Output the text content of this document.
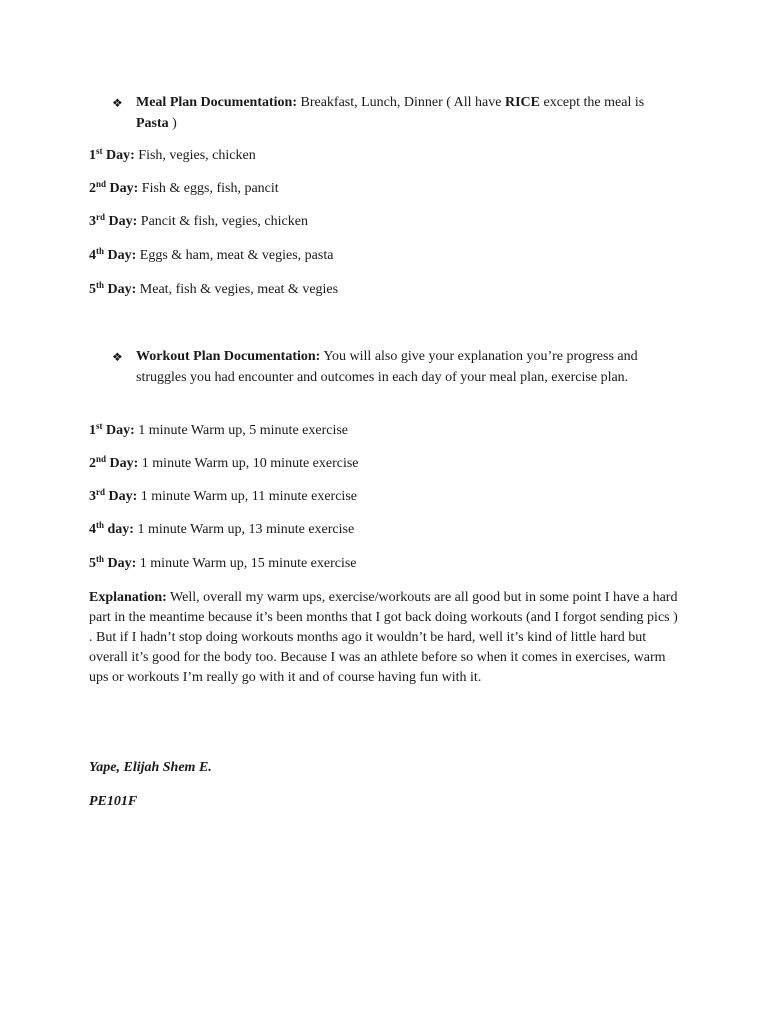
❖ Meal Plan Documentation: Breakfast, Lunch, Dinner ( All have RICE except the meal is Pasta )
1st Day: Fish, vegies, chicken
2nd Day: Fish & eggs, fish, pancit
3rd Day: Pancit & fish, vegies, chicken
4th Day: Eggs & ham, meat & vegies, pasta
5th Day: Meat, fish & vegies, meat & vegies
❖ Workout Plan Documentation: You will also give your explanation you’re progress and struggles you had encounter and outcomes in each day of your meal plan, exercise plan.
1st Day: 1 minute Warm up, 5 minute exercise
2nd Day: 1 minute Warm up, 10 minute exercise
3rd Day: 1 minute Warm up, 11 minute exercise
4th day: 1 minute Warm up, 13 minute exercise
5th Day: 1 minute Warm up, 15 minute exercise
Explanation: Well, overall my warm ups, exercise/workouts are all good but in some point I have a hard part in the meantime because it’s been months that I got back doing workouts (and I forgot sending pics ) . But if I hadn’t stop doing workouts months ago it wouldn’t be hard, well it’s kind of little hard but overall it’s good for the body too. Because I was an athlete before so when it comes in exercises, warm ups or workouts I’m really go with it and of course having fun with it.
Yape, Elijah Shem E.
PE101F
